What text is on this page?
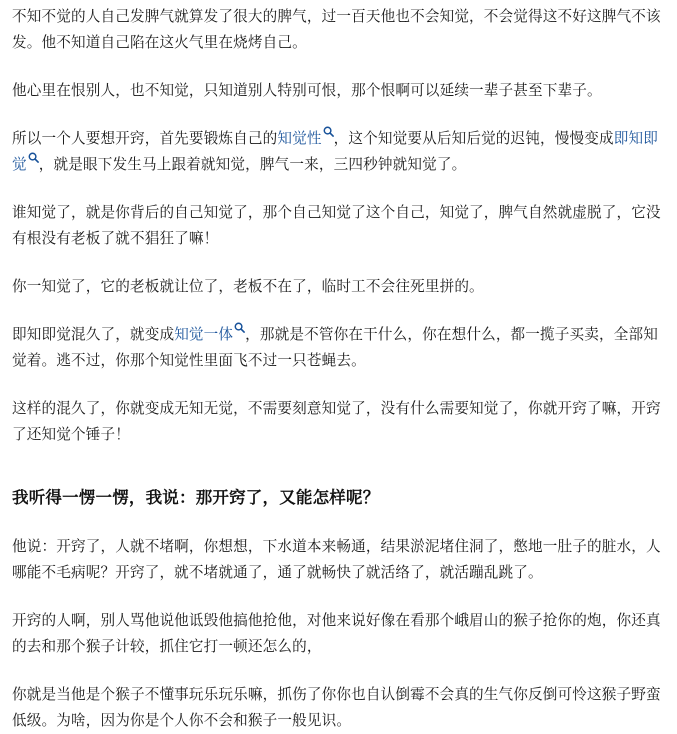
不知不觉的人自己发脾气就算发了很大的脾气，过一百天他也不会知觉，不会觉得这不好这脾气不该发。他不知道自己陷在这火气里在烧烤自己。

他心里在恨别人，也不知觉，只知道别人特别可恨，那个恨啊可以延续一辈子甚至下辈子。

所以一个人要想开窍，首先要锻炼自己的知觉性 ，这个知觉要从后知后觉的迟钝，慢慢变成即知即觉 ，就是眼下发生马上跟着就知觉，脾气一来，三四秒钟就知觉了。

谁知觉了，就是你背后的自己知觉了，那个自己知觉了这个自己，知觉了，脾气自然就虚脱了，它没有根没有老板了就不猖狂了嘛！

你一知觉了，它的老板就让位了，老板不在了，临时工不会往死里拼的。

即知即觉混久了，就变成知觉一体 ，那就是不管你在干什么，你在想什么，都一揽子买卖，全部知觉着。逃不过，你那个知觉性里面飞不过一只苍蝇去。

这样的混久了，你就变成无知无觉，不需要刻意知觉了，没有什么需要知觉了，你就开窍了嘛，开窍了还知觉个锤子！

我听得一愣一愣，我说：那开窍了，又能怎样呢？

他说：开窍了，人就不堵啊，你想想，下水道本来畅通，结果淤泥堵住洞了，憋地一肚子的脏水，人哪能不毛病呢？开窍了，就不堵就通了，通了就畅快了就活络了，就活蹦乱跳了。

开窍的人啊，别人骂他说他诋毁他搞他抢他，对他来说好像在看那个峨眉山的猴子抢你的炮，你还真的去和那个猴子计较，抓住它打一顿还怎么的，

你就是当他是个猴子不懂事玩乐玩乐嘛，抓伤了你你也自认倒霉不会真的生气你反倒可怜这猴子野蛮低级。为啥，因为你是个人你不会和猴子一般见识。
